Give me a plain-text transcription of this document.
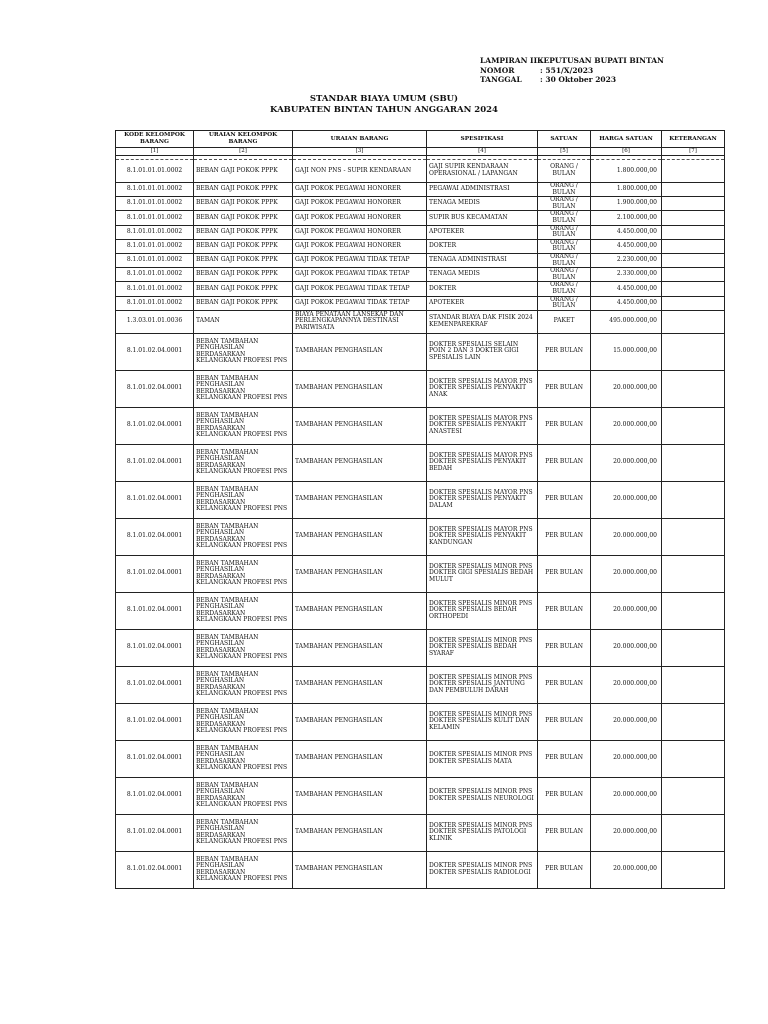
LAMPIRAN II :
KEPUTUSAN BUPATI BINTAN
NOMOR	: 551/X/2023
TANGGAL	: 30 Oktober 2023
STANDAR BIAYA UMUM (SBU)
KABUPATEN BINTAN TAHUN ANGGARAN 2024
KODE KELOMPOK BARANG	URAIAN KELOMPOK BARANG	URAIAN BARANG	SPESIFIKASI	SATUAN	HARGA SATUAN	KETERANGAN
[1]	[2]	[3]	[4]	[5]	[6]	[7]

8.1.01.01.01.0002	BEBAN GAJI POKOK PPPK	GAJI NON PNS - SUPIR KENDARAAN	GAJI SUPIR KENDARAAN OPERASIONAL / LAPANGAN	ORANG / BULAN	1.800.000,00	
8.1.01.01.01.0002	BEBAN GAJI POKOK PPPK	GAJI POKOK PEGAWAI HONORER	PEGAWAI ADMINISTRASI	ORANG / BULAN	1.800.000,00	
8.1.01.01.01.0002	BEBAN GAJI POKOK PPPK	GAJI POKOK PEGAWAI HONORER	TENAGA MEDIS	ORANG / BULAN	1.900.000,00	
8.1.01.01.01.0002	BEBAN GAJI POKOK PPPK	GAJI POKOK PEGAWAI HONORER	SUPIR BUS KECAMATAN	ORANG / BULAN	2.100.000,00	
8.1.01.01.01.0002	BEBAN GAJI POKOK PPPK	GAJI POKOK PEGAWAI HONORER	APOTEKER	ORANG / BULAN	4.450.000,00	
8.1.01.01.01.0002	BEBAN GAJI POKOK PPPK	GAJI POKOK PEGAWAI HONORER	DOKTER	ORANG / BULAN	4.450.000,00	
8.1.01.01.01.0002	BEBAN GAJI POKOK PPPK	GAJI POKOK PEGAWAI TIDAK TETAP	TENAGA ADMINISTRASI	ORANG / BULAN	2.230.000,00	
8.1.01.01.01.0002	BEBAN GAJI POKOK PPPK	GAJI POKOK PEGAWAI TIDAK TETAP	TENAGA MEDIS	ORANG / BULAN	2.330.000,00	
8.1.01.01.01.0002	BEBAN GAJI POKOK PPPK	GAJI POKOK PEGAWAI TIDAK TETAP	DOKTER	ORANG / BULAN	4.450.000,00	
8.1.01.01.01.0002	BEBAN GAJI POKOK PPPK	GAJI POKOK PEGAWAI TIDAK TETAP	APOTEKER	ORANG / BULAN	4.450.000,00	
1.3.03.01.01.0036	TAMAN	BIAYA PENATAAN LANSEKAP DAN PERLENGKAPANNYA DESTINASI PARIWISATA	STANDAR BIAYA DAK FISIK 2024 KEMENPAREKRAF	PAKET	495.000.000,00	
8.1.01.02.04.0001	BEBAN TAMBAHAN PENGHASILAN BERDASARKAN KELANGKAAN PROFESI PNS	TAMBAHAN PENGHASILAN	DOKTER SPESIALIS SELAIN POIN 2 DAN 3 DOKTER GIGI SPESIALIS LAIN	PER BULAN	15.000.000,00	
8.1.01.02.04.0001	BEBAN TAMBAHAN PENGHASILAN BERDASARKAN KELANGKAAN PROFESI PNS	TAMBAHAN PENGHASILAN	DOKTER SPESIALIS MAYOR PNS DOKTER SPESIALIS PENYAKIT ANAK	PER BULAN	20.000.000,00	
8.1.01.02.04.0001	BEBAN TAMBAHAN PENGHASILAN BERDASARKAN KELANGKAAN PROFESI PNS	TAMBAHAN PENGHASILAN	DOKTER SPESIALIS MAYOR PNS DOKTER SPESIALIS PENYAKIT ANASTESI	PER BULAN	20.000.000,00	
8.1.01.02.04.0001	BEBAN TAMBAHAN PENGHASILAN BERDASARKAN KELANGKAAN PROFESI PNS	TAMBAHAN PENGHASILAN	DOKTER SPESIALIS MAYOR PNS DOKTER SPESIALIS PENYAKIT BEDAH	PER BULAN	20.000.000,00	
8.1.01.02.04.0001	BEBAN TAMBAHAN PENGHASILAN BERDASARKAN KELANGKAAN PROFESI PNS	TAMBAHAN PENGHASILAN	DOKTER SPESIALIS MAYOR PNS DOKTER SPESIALIS PENYAKIT DALAM	PER BULAN	20.000.000,00	
8.1.01.02.04.0001	BEBAN TAMBAHAN PENGHASILAN BERDASARKAN KELANGKAAN PROFESI PNS	TAMBAHAN PENGHASILAN	DOKTER SPESIALIS MAYOR PNS DOKTER SPESIALIS PENYAKIT KANDUNGAN	PER BULAN	20.000.000,00	
8.1.01.02.04.0001	BEBAN TAMBAHAN PENGHASILAN BERDASARKAN KELANGKAAN PROFESI PNS	TAMBAHAN PENGHASILAN	DOKTER SPESIALIS MINOR PNS DOKTER GIGI SPESIALIS BEDAH MULUT	PER BULAN	20.000.000,00	
8.1.01.02.04.0001	BEBAN TAMBAHAN PENGHASILAN BERDASARKAN KELANGKAAN PROFESI PNS	TAMBAHAN PENGHASILAN	DOKTER SPESIALIS MINOR PNS DOKTER SPESIALIS BEDAH ORTHOPEDI	PER BULAN	20.000.000,00	
8.1.01.02.04.0001	BEBAN TAMBAHAN PENGHASILAN BERDASARKAN KELANGKAAN PROFESI PNS	TAMBAHAN PENGHASILAN	DOKTER SPESIALIS MINOR PNS DOKTER SPESIALIS BEDAH SYARAF	PER BULAN	20.000.000,00	
8.1.01.02.04.0001	BEBAN TAMBAHAN PENGHASILAN BERDASARKAN KELANGKAAN PROFESI PNS	TAMBAHAN PENGHASILAN	DOKTER SPESIALIS MINOR PNS DOKTER SPESIALIS JANTUNG DAN PEMBULUH DARAH	PER BULAN	20.000.000,00	
8.1.01.02.04.0001	BEBAN TAMBAHAN PENGHASILAN BERDASARKAN KELANGKAAN PROFESI PNS	TAMBAHAN PENGHASILAN	DOKTER SPESIALIS MINOR PNS DOKTER SPESIALIS KULIT DAN KELAMIN	PER BULAN	20.000.000,00	
8.1.01.02.04.0001	BEBAN TAMBAHAN PENGHASILAN BERDASARKAN KELANGKAAN PROFESI PNS	TAMBAHAN PENGHASILAN	DOKTER SPESIALIS MINOR PNS DOKTER SPESIALIS MATA	PER BULAN	20.000.000,00	
8.1.01.02.04.0001	BEBAN TAMBAHAN PENGHASILAN BERDASARKAN KELANGKAAN PROFESI PNS	TAMBAHAN PENGHASILAN	DOKTER SPESIALIS MINOR PNS DOKTER SPESIALIS NEUROLOGI	PER BULAN	20.000.000,00	
8.1.01.02.04.0001	BEBAN TAMBAHAN PENGHASILAN BERDASARKAN KELANGKAAN PROFESI PNS	TAMBAHAN PENGHASILAN	DOKTER SPESIALIS MINOR PNS DOKTER SPESIALIS PATOLOGI KLINIK	PER BULAN	20.000.000,00	
8.1.01.02.04.0001	BEBAN TAMBAHAN PENGHASILAN BERDASARKAN KELANGKAAN PROFESI PNS	TAMBAHAN PENGHASILAN	DOKTER SPESIALIS MINOR PNS DOKTER SPESIALIS RADIOLOGI	PER BULAN	20.000.000,00	
